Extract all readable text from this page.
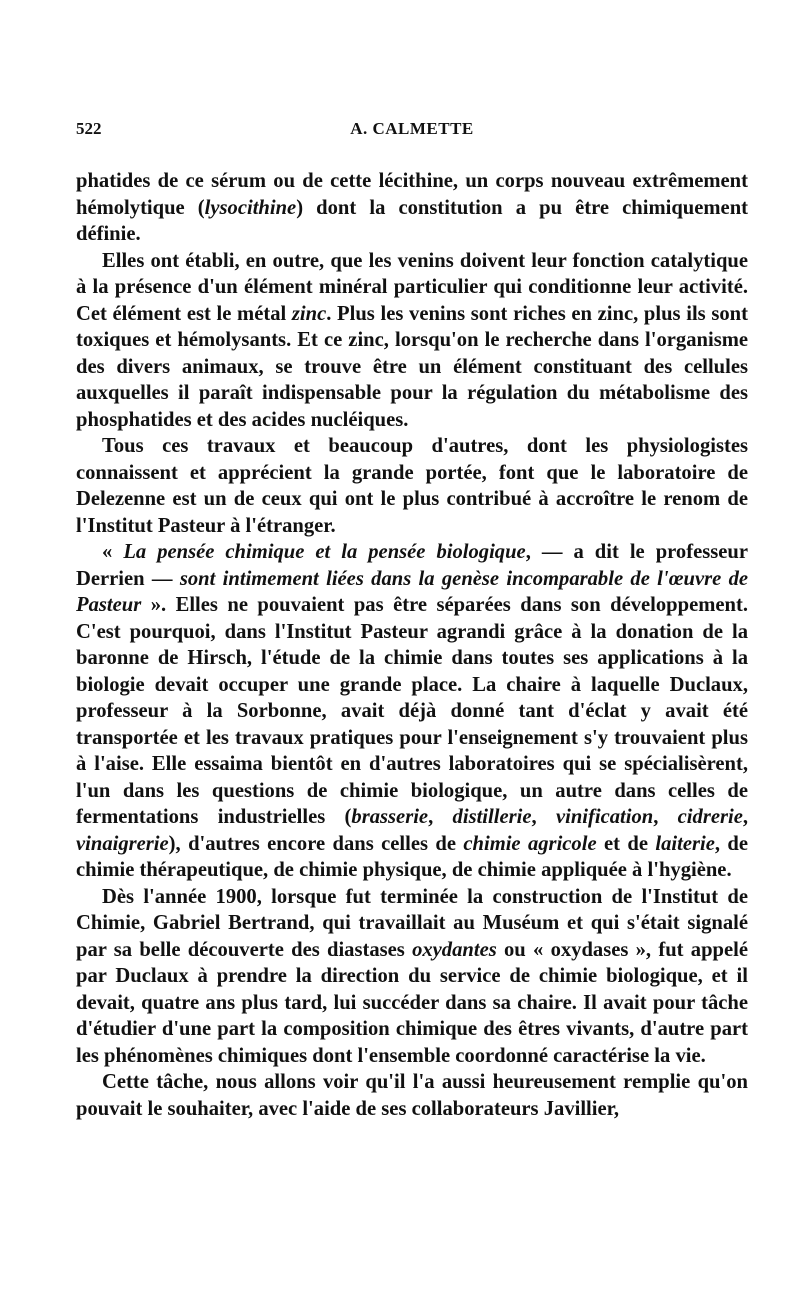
522	A. CALMETTE

phatides de ce sérum ou de cette lécithine, un corps nouveau extrêmement hémolytique (lysocithine) dont la constitution a pu être chimiquement définie.

Elles ont établi, en outre, que les venins doivent leur fonction catalytique à la présence d'un élément minéral particulier qui conditionne leur activité. Cet élément est le métal zinc. Plus les venins sont riches en zinc, plus ils sont toxiques et hémolysants. Et ce zinc, lorsqu'on le recherche dans l'organisme des divers animaux, se trouve être un élément constituant des cellules auxquelles il paraît indispensable pour la régulation du métabolisme des phosphatides et des acides nucléiques.

Tous ces travaux et beaucoup d'autres, dont les physiologistes connaissent et apprécient la grande portée, font que le laboratoire de Delezenne est un de ceux qui ont le plus contribué à accroître le renom de l'Institut Pasteur à l'étranger.

« La pensée chimique et la pensée biologique, — a dit le professeur Derrien — sont intimement liées dans la genèse incomparable de l'œuvre de Pasteur ». Elles ne pouvaient pas être séparées dans son développement. C'est pourquoi, dans l'Institut Pasteur agrandi grâce à la donation de la baronne de Hirsch, l'étude de la chimie dans toutes ses applications à la biologie devait occuper une grande place. La chaire à laquelle Duclaux, professeur à la Sorbonne, avait déjà donné tant d'éclat y avait été transportée et les travaux pratiques pour l'enseignement s'y trouvaient plus à l'aise. Elle essaima bientôt en d'autres laboratoires qui se spécialisèrent, l'un dans les questions de chimie biologique, un autre dans celles de fermentations industrielles (brasserie, distillerie, vinification, cidrerie, vinaigrerie), d'autres encore dans celles de chimie agricole et de laiterie, de chimie thérapeutique, de chimie physique, de chimie appliquée à l'hygiène.

Dès l'année 1900, lorsque fut terminée la construction de l'Institut de Chimie, Gabriel Bertrand, qui travaillait au Muséum et qui s'était signalé par sa belle découverte des diastases oxydantes ou « oxydases », fut appelé par Duclaux à prendre la direction du service de chimie biologique, et il devait, quatre ans plus tard, lui succéder dans sa chaire. Il avait pour tâche d'étudier d'une part la composition chimique des êtres vivants, d'autre part les phénomènes chimiques dont l'ensemble coordonné caractérise la vie.

Cette tâche, nous allons voir qu'il l'a aussi heureusement remplie qu'on pouvait le souhaiter, avec l'aide de ses collaborateurs Javillier,
